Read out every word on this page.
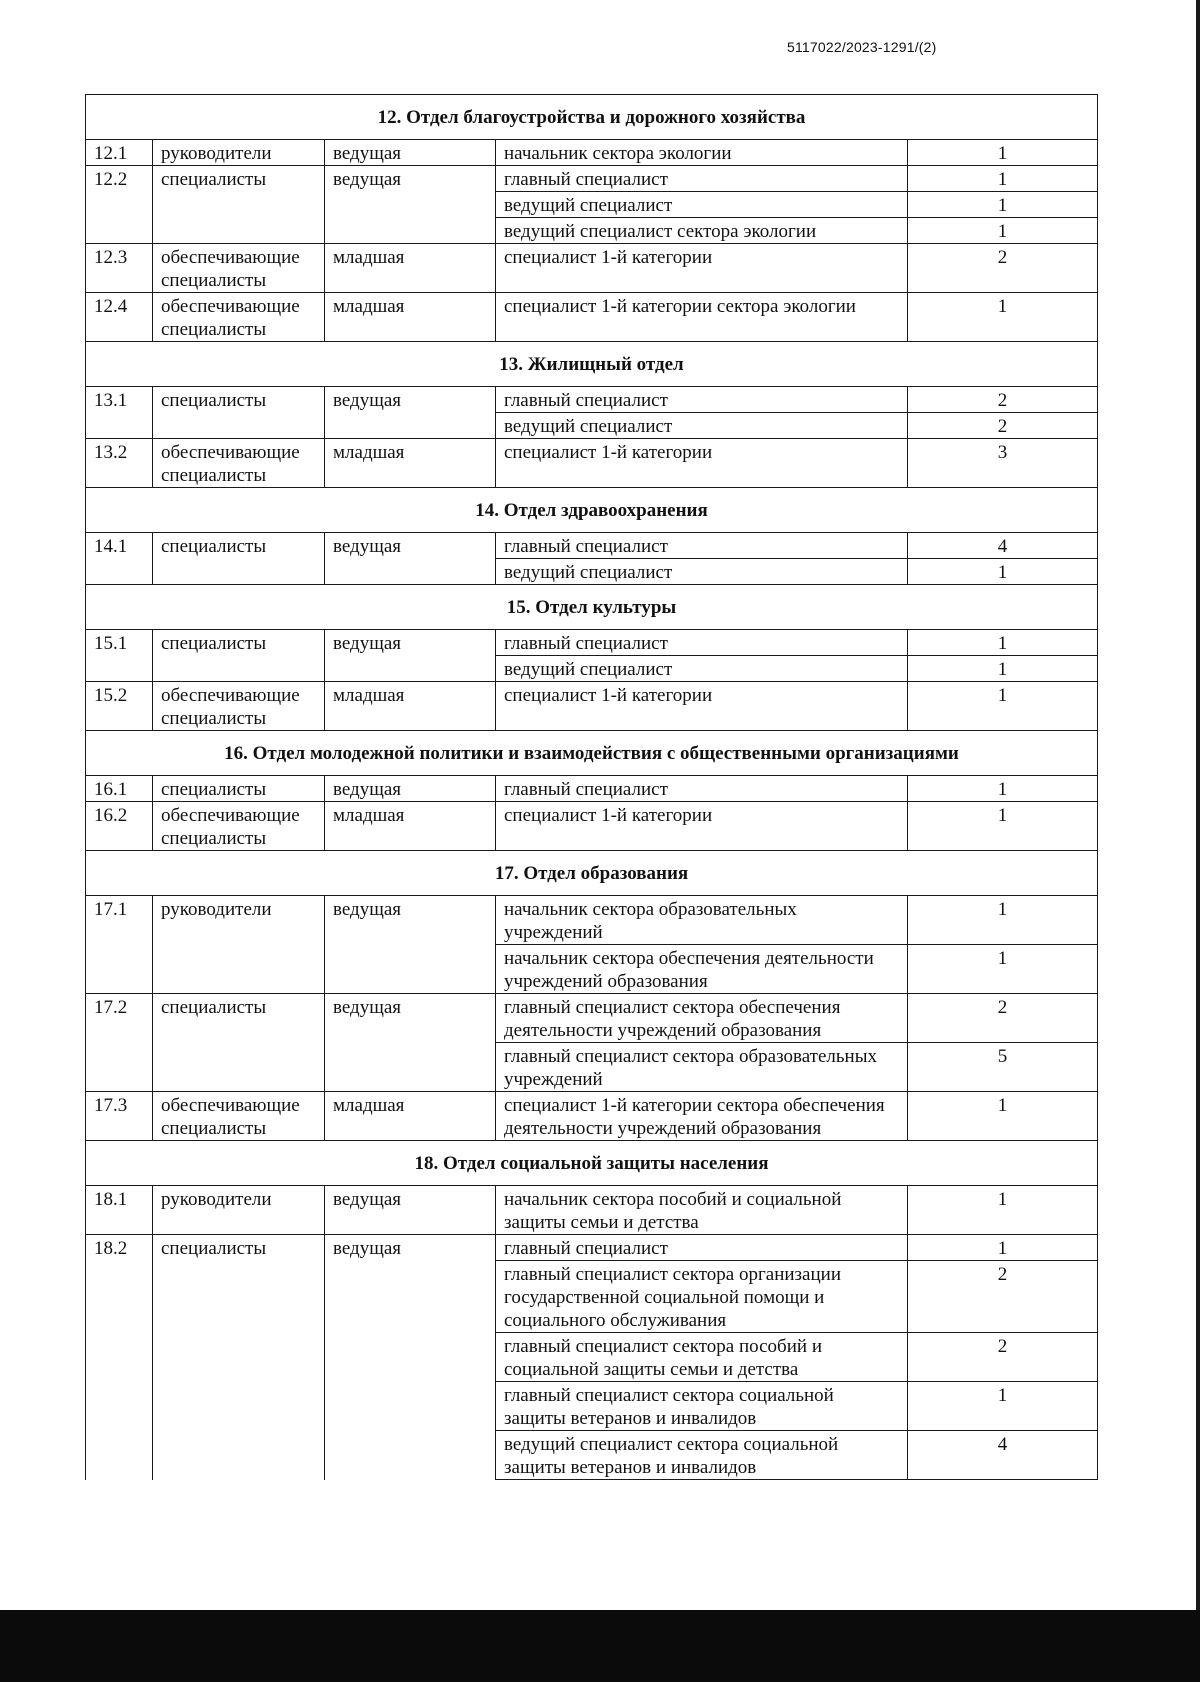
5117022/2023-1291/(2)
12. Отдел благоустройства и дорожного хозяйства				
12.1	руководители	ведущая	начальник сектора экологии	1
12.2	специалисты	ведущая	главный специалист	1
			ведущий специалист	1
			ведущий специалист сектора экологии	1
12.3	обеспечивающие специалисты	младшая	специалист 1-й категории	2
12.4	обеспечивающие специалисты	младшая	специалист 1-й категории сектора экологии	1
13. Жилищный отдел				
13.1	специалисты	ведущая	главный специалист	2
			ведущий специалист	2
13.2	обеспечивающие специалисты	младшая	специалист 1-й категории	3
14. Отдел здравоохранения				
14.1	специалисты	ведущая	главный специалист	4
			ведущий специалист	1
15. Отдел культуры				
15.1	специалисты	ведущая	главный специалист	1
			ведущий специалист	1
15.2	обеспечивающие специалисты	младшая	специалист 1-й категории	1
16. Отдел молодежной политики и взаимодействия с общественными организациями				
16.1	специалисты	ведущая	главный специалист	1
16.2	обеспечивающие специалисты	младшая	специалист 1-й категории	1
17. Отдел образования				
17.1	руководители	ведущая	начальник сектора образовательных учреждений	1
			начальник сектора обеспечения деятельности учреждений образования	1
17.2	специалисты	ведущая	главный специалист сектора обеспечения деятельности учреждений образования	2
			главный специалист сектора образовательных учреждений	5
17.3	обеспечивающие специалисты	младшая	специалист 1-й категории сектора обеспечения деятельности учреждений образования	1
18. Отдел социальной защиты населения				
18.1	руководители	ведущая	начальник сектора пособий и социальной защиты семьи и детства	1
18.2	специалисты	ведущая	главный специалист	1
			главный специалист сектора организации государственной социальной помощи и социального обслуживания	2
			главный специалист сектора пособий и социальной защиты семьи и детства	2
			главный специалист сектора социальной защиты ветеранов и инвалидов	1
			ведущий специалист сектора социальной защиты ветеранов и инвалидов	4
